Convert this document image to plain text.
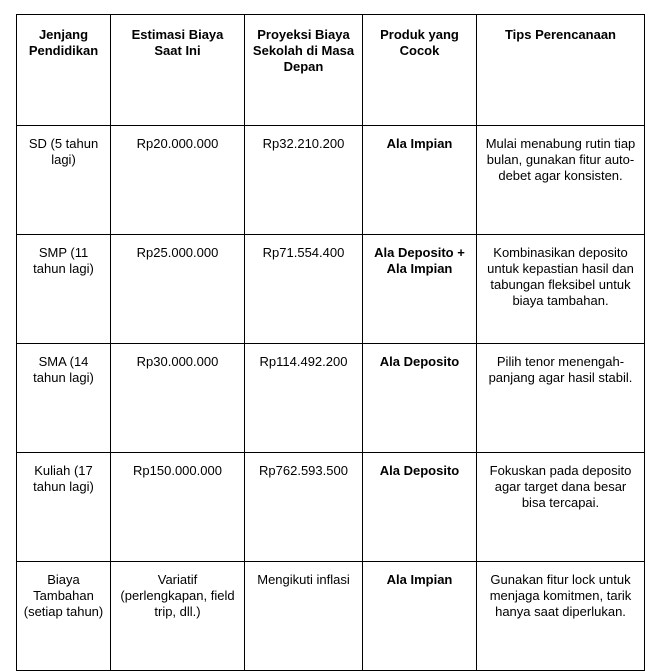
Jenjang Pendidikan	Estimasi Biaya Saat Ini	Proyeksi Biaya Sekolah di Masa Depan	Produk yang Cocok	Tips Perencanaan
SD (5 tahun lagi)	Rp20.000.000	Rp32.210.200	Ala Impian	Mulai menabung rutin tiap bulan, gunakan fitur auto-debet agar konsisten.
SMP (11 tahun lagi)	Rp25.000.000	Rp71.554.400	Ala Deposito + Ala Impian	Kombinasikan deposito untuk kepastian hasil dan tabungan fleksibel untuk biaya tambahan.
SMA (14 tahun lagi)	Rp30.000.000	Rp114.492.200	Ala Deposito	Pilih tenor menengah-panjang agar hasil stabil.
Kuliah (17 tahun lagi)	Rp150.000.000	Rp762.593.500	Ala Deposito	Fokuskan pada deposito agar target dana besar bisa tercapai.
Biaya Tambahan (setiap tahun)	Variatif (perlengkapan, field trip, dll.)	Mengikuti inflasi	Ala Impian	Gunakan fitur lock untuk menjaga komitmen, tarik hanya saat diperlukan.
